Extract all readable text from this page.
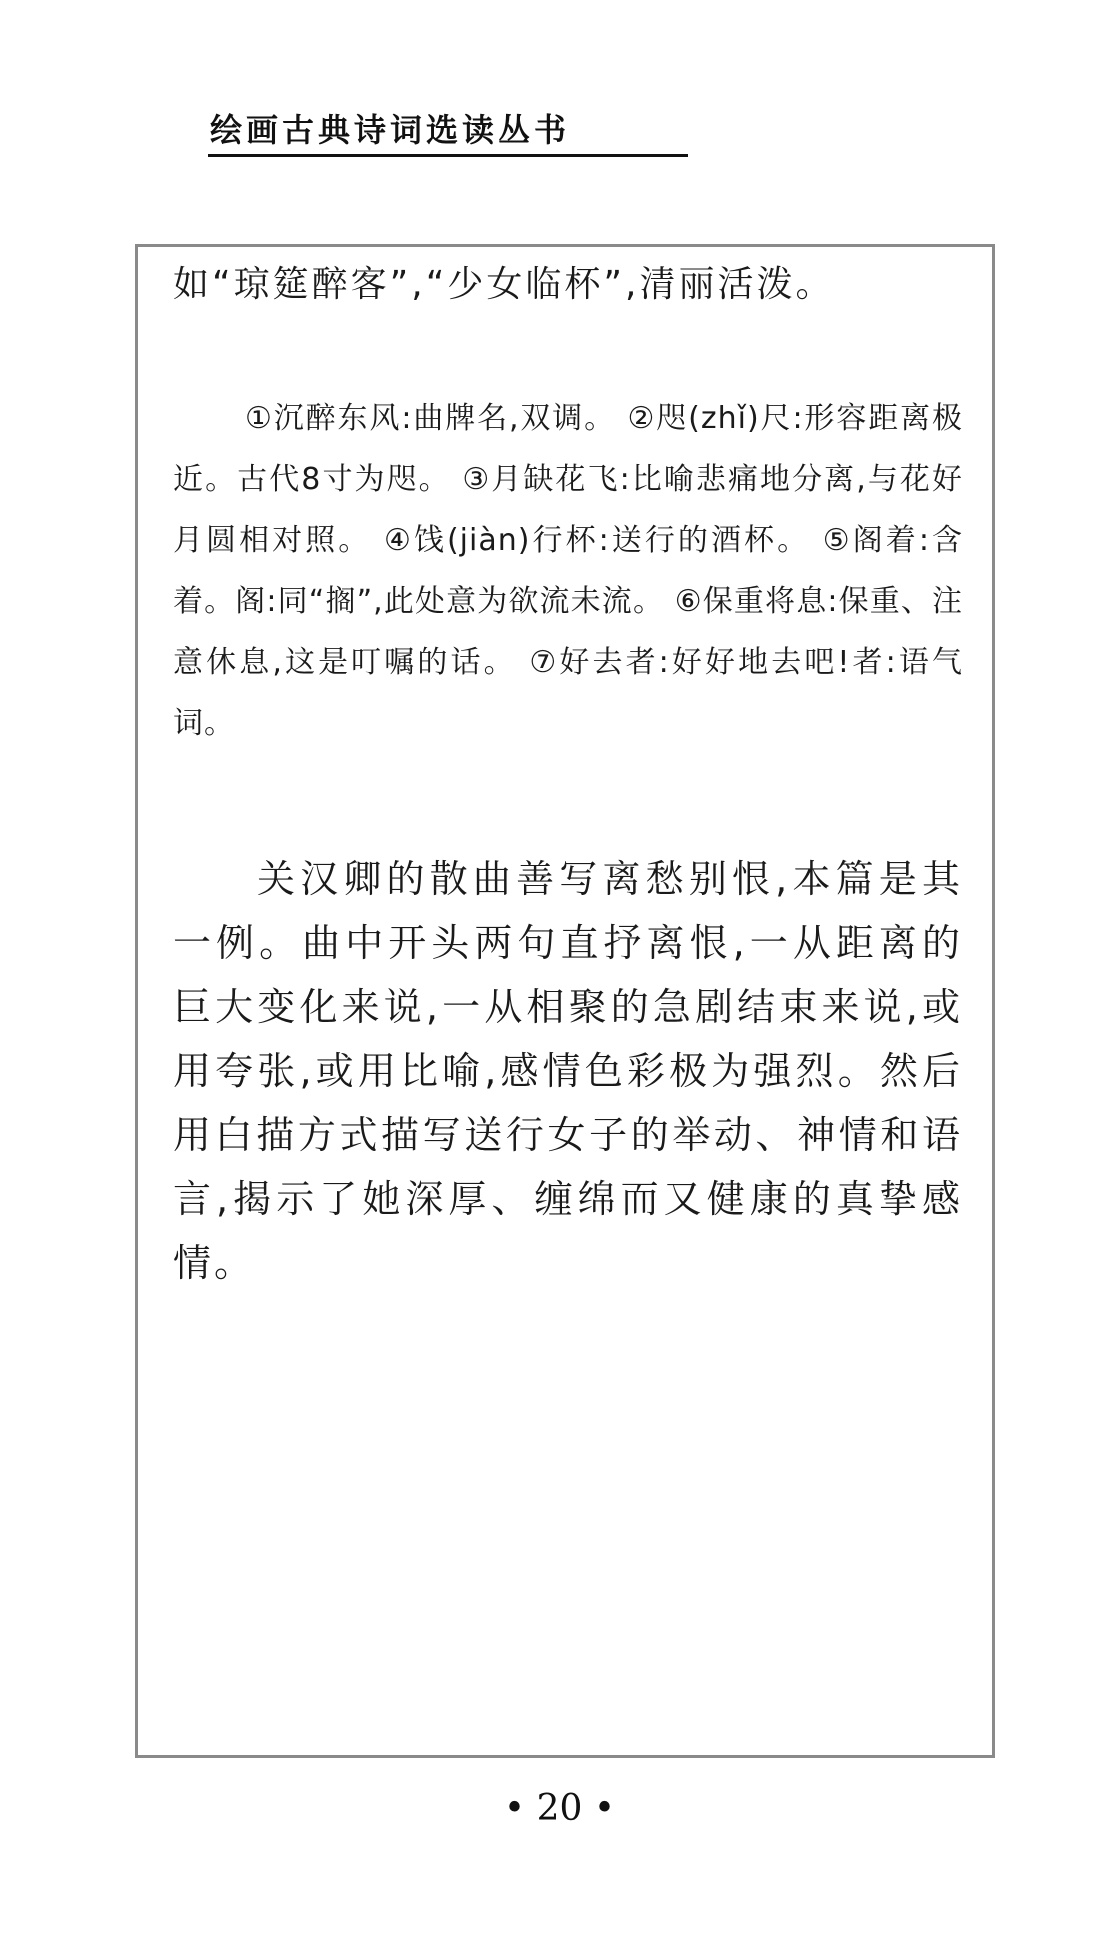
绘画古典诗词选读丛书
如“琼筵醉客”,“少女临杯”,清丽活泼。
①沉醉东风:曲牌名,双调。 ②咫(zhǐ)尺:形容距离极近。古代8寸为咫。 ③月缺花飞:比喻悲痛地分离,与花好月圆相对照。 ④饯(jiàn)行杯:送行的酒杯。 ⑤阁着:含着。阁:同“搁”,此处意为欲流未流。 ⑥保重将息:保重、注意休息,这是叮嘱的话。 ⑦好去者:好好地去吧!者:语气词。
关汉卿的散曲善写离愁别恨,本篇是其一例。曲中开头两句直抒离恨,一从距离的巨大变化来说,一从相聚的急剧结束来说,或用夸张,或用比喻,感情色彩极为强烈。然后用白描方式描写送行女子的举动、神情和语言,揭示了她深厚、缠绵而又健康的真挚感情。
• 20 •
